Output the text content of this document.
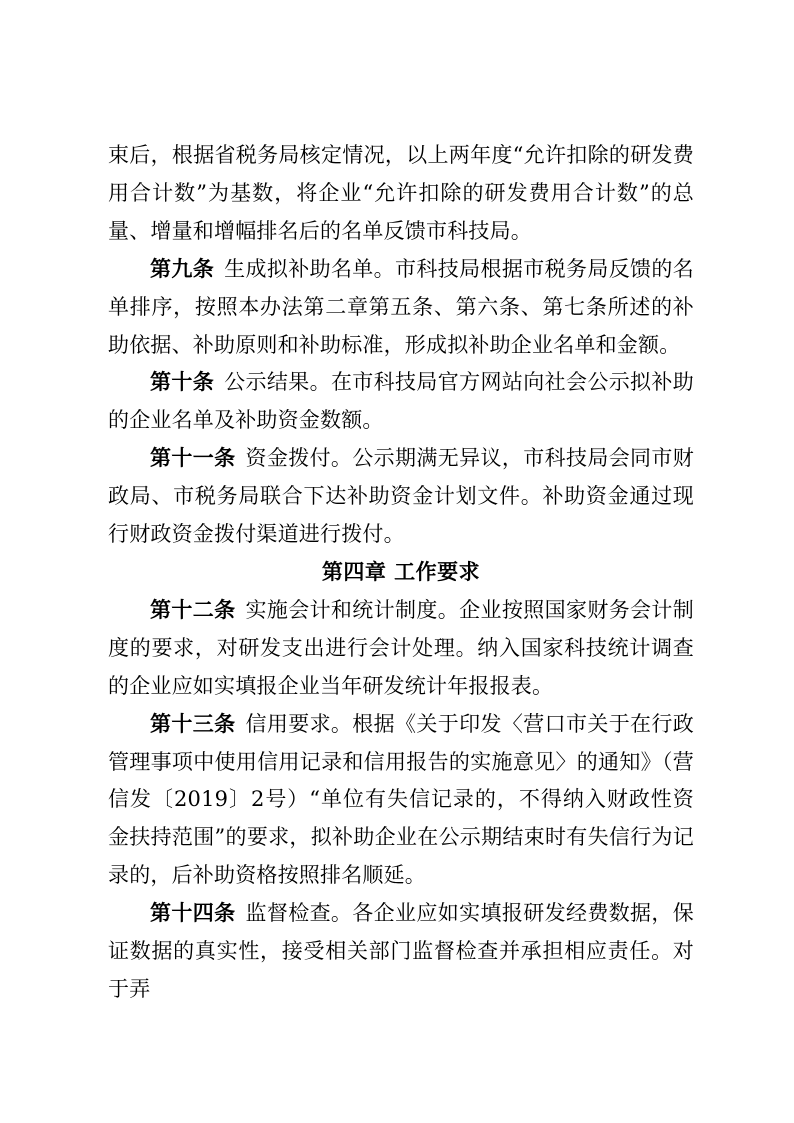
束后，根据省税务局核定情况，以上两年度“允许扣除的研发费用合计数”为基数，将企业“允许扣除的研发费用合计数”的总量、增量和增幅排名后的名单反馈市科技局。

第九条 生成拟补助名单。市科技局根据市税务局反馈的名单排序，按照本办法第二章第五条、第六条、第七条所述的补助依据、补助原则和补助标准，形成拟补助企业名单和金额。

第十条 公示结果。在市科技局官方网站向社会公示拟补助的企业名单及补助资金数额。

第十一条 资金拨付。公示期满无异议，市科技局会同市财政局、市税务局联合下达补助资金计划文件。补助资金通过现行财政资金拨付渠道进行拨付。

第四章 工作要求

第十二条 实施会计和统计制度。企业按照国家财务会计制度的要求，对研发支出进行会计处理。纳入国家科技统计调查的企业应如实填报企业当年研发统计年报报表。

第十三条 信用要求。根据《关于印发〈营口市关于在行政管理事项中使用信用记录和信用报告的实施意见〉的通知》（营信发〔2019〕2号）“单位有失信记录的，不得纳入财政性资金扶持范围”的要求，拟补助企业在公示期结束时有失信行为记录的，后补助资格按照排名顺延。

第十四条 监督检查。各企业应如实填报研发经费数据，保证数据的真实性，接受相关部门监督检查并承担相应责任。对于弄
